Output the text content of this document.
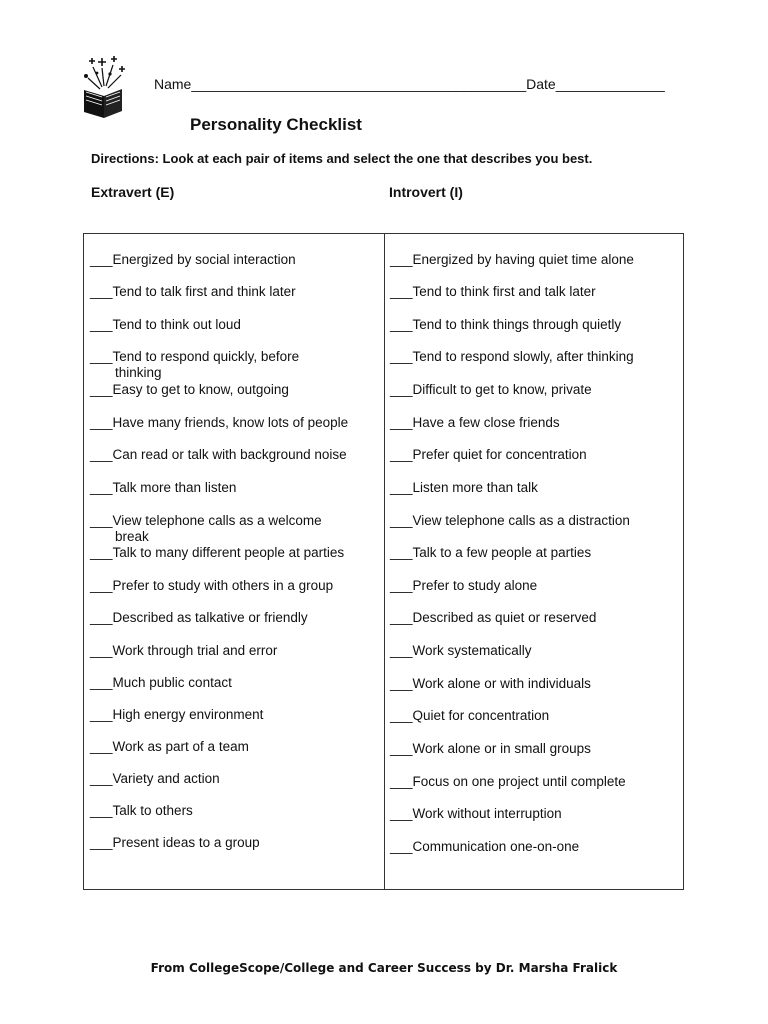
Name___________________________________________Date______________
Personality Checklist
Directions: Look at each pair of items and select the one that describes you best.
Extravert (E)	Introvert (I)
___Energized by social interaction
___Tend to talk first and think later
___Tend to think out loud
___Tend to respond quickly, before
thinking
___Easy to get to know, outgoing
___Have many friends, know lots of people
___Can read or talk with background noise
___Talk more than listen
___View telephone calls as a welcome
break
___Talk to many different people at parties
___Prefer to study with others in a group
___Described as talkative or friendly
___Work through trial and error
___Much public contact
___High energy environment
___Work as part of a team
___Variety and action
___Talk to others
___Present ideas to a group
___Energized by having quiet time alone
___Tend to think first and talk later
___Tend to think things through quietly
___Tend to respond slowly, after thinking
___Difficult to get to know, private
___Have a few close friends
___Prefer quiet for concentration
___Listen more than talk
___View telephone calls as a distraction
___Talk to a few people at parties
___Prefer to study alone
___Described as quiet or reserved
___Work systematically
___Work alone or with individuals
___Quiet for concentration
___Work alone or in small groups
___Focus on one project until complete
___Work without interruption
___Communication one-on-one
From CollegeScope/College and Career Success by Dr. Marsha Fralick
